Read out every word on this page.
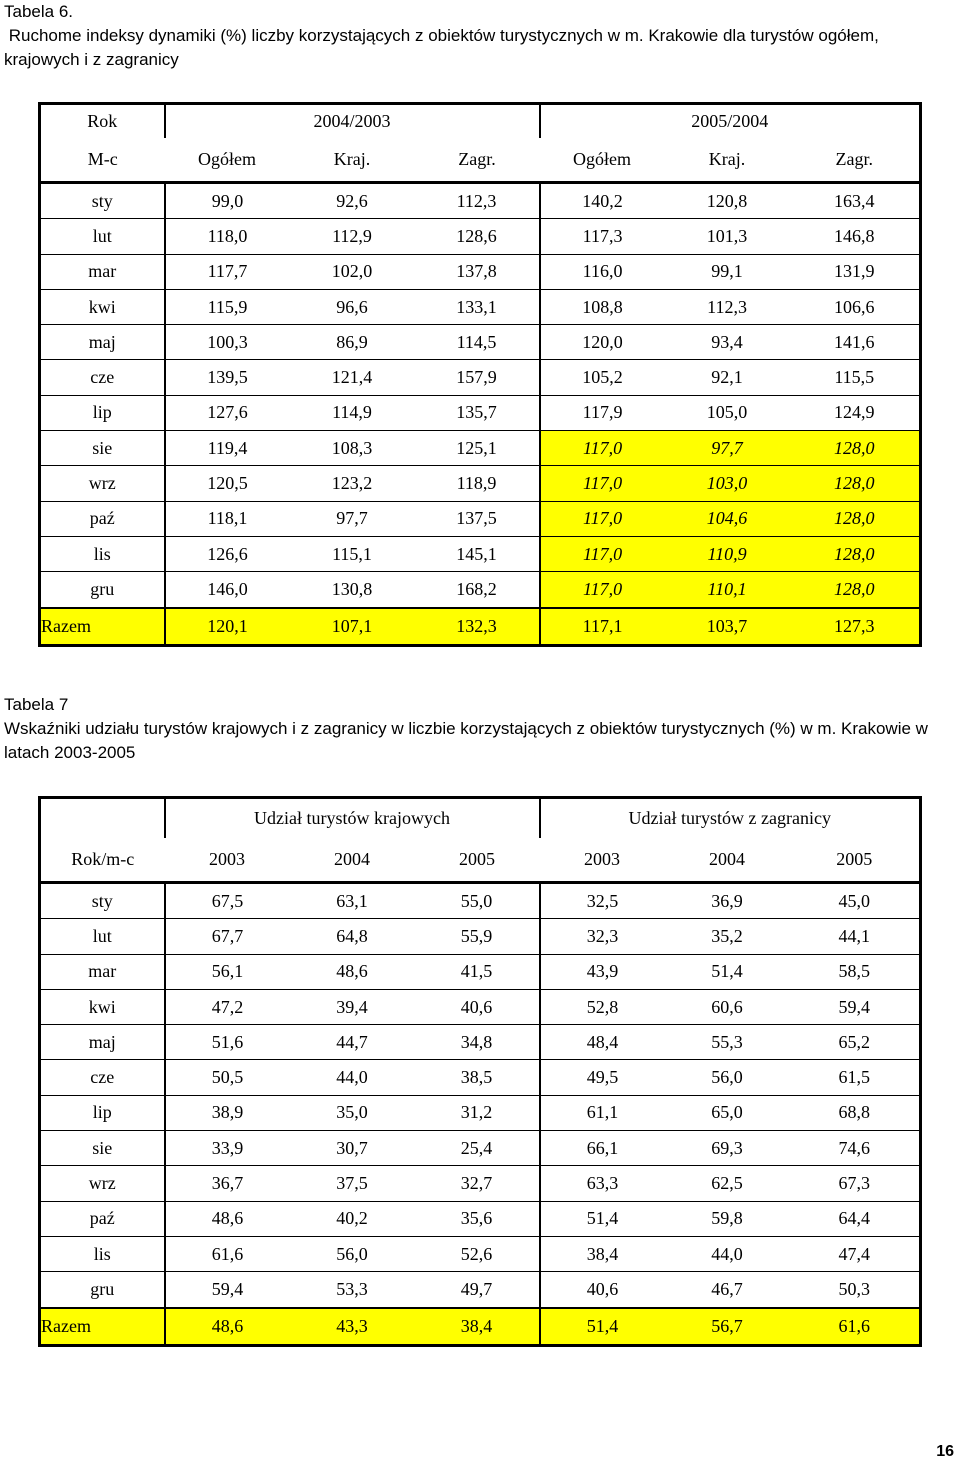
Tabela 6.
Ruchome indeksy dynamiki (%) liczby korzystających z obiektów turystycznych w m. Krakowie dla turystów ogółem, krajowych i z zagranicy
Rok	2004/2003			2005/2004		
M-c	Ogółem	Kraj.	Zagr.	Ogółem	Kraj.	Zagr.
sty	99,0	92,6	112,3	140,2	120,8	163,4
lut	118,0	112,9	128,6	117,3	101,3	146,8
mar	117,7	102,0	137,8	116,0	99,1	131,9
kwi	115,9	96,6	133,1	108,8	112,3	106,6
maj	100,3	86,9	114,5	120,0	93,4	141,6
cze	139,5	121,4	157,9	105,2	92,1	115,5
lip	127,6	114,9	135,7	117,9	105,0	124,9
sie	119,4	108,3	125,1	117,0	97,7	128,0
wrz	120,5	123,2	118,9	117,0	103,0	128,0
paź	118,1	97,7	137,5	117,0	104,6	128,0
lis	126,6	115,1	145,1	117,0	110,9	128,0
gru	146,0	130,8	168,2	117,0	110,1	128,0
Razem	120,1	107,1	132,3	117,1	103,7	127,3
Tabela 7
Wskaźniki udziału turystów krajowych i z zagranicy w liczbie korzystających z obiektów turystycznych (%) w m. Krakowie w latach 2003-2005
	Udział turystów krajowych			Udział turystów z zagranicy		
Rok/m-c	2003	2004	2005	2003	2004	2005
sty	67,5	63,1	55,0	32,5	36,9	45,0
lut	67,7	64,8	55,9	32,3	35,2	44,1
mar	56,1	48,6	41,5	43,9	51,4	58,5
kwi	47,2	39,4	40,6	52,8	60,6	59,4
maj	51,6	44,7	34,8	48,4	55,3	65,2
cze	50,5	44,0	38,5	49,5	56,0	61,5
lip	38,9	35,0	31,2	61,1	65,0	68,8
sie	33,9	30,7	25,4	66,1	69,3	74,6
wrz	36,7	37,5	32,7	63,3	62,5	67,3
paź	48,6	40,2	35,6	51,4	59,8	64,4
lis	61,6	56,0	52,6	38,4	44,0	47,4
gru	59,4	53,3	49,7	40,6	46,7	50,3
Razem	48,6	43,3	38,4	51,4	56,7	61,6
16
